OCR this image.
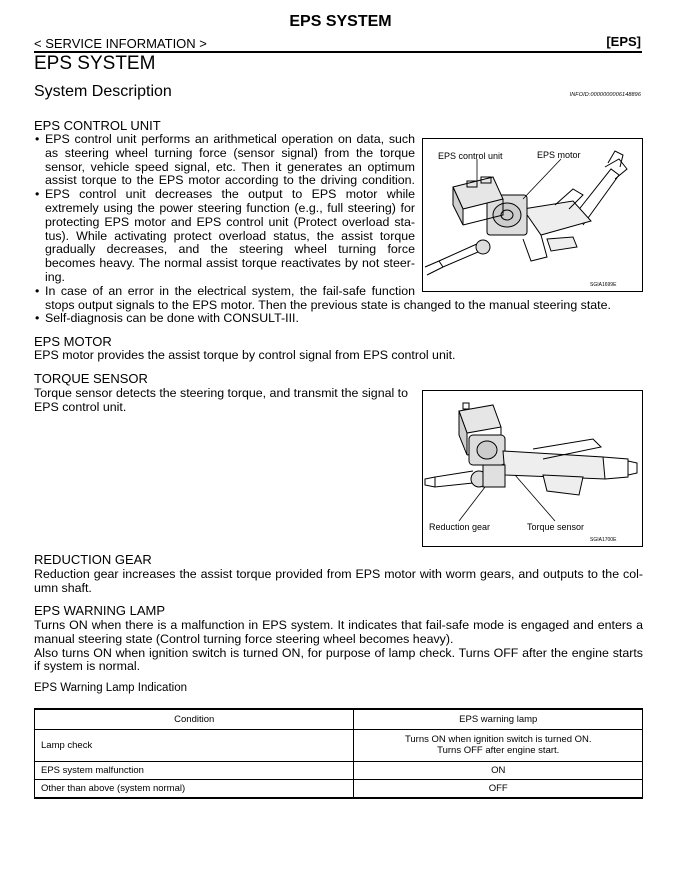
EPS SYSTEM
< SERVICE INFORMATION >	[EPS]
EPS SYSTEM
System Description	INFOID:0000000006148896
EPS CONTROL UNIT
• EPS control unit performs an arithmetical operation on data, such
as steering wheel turning force (sensor signal) from the torque
sensor, vehicle speed signal, etc. Then it generates an optimum
assist torque to the EPS motor according to the driving condition.
• EPS control unit decreases the output to EPS motor while
extremely using the power steering function (e.g., full steering) for
protecting EPS motor and EPS control unit (Protect overload sta-
tus). While activating protect overload status, the assist torque
gradually decreases, and the steering wheel turning force
becomes heavy. The normal assist torque reactivates by not steer-
ing.
• In case of an error in the electrical system, the fail-safe function
stops output signals to the EPS motor. Then the previous state is changed to the manual steering state.
• Self-diagnosis can be done with CONSULT-III.
EPS control unit	EPS motor
SGIA1699E
EPS MOTOR
EPS motor provides the assist torque by control signal from EPS control unit.
TORQUE SENSOR
Torque sensor detects the steering torque, and transmit the signal to
EPS control unit.
Reduction gear	Torque sensor
SGIA1700E
REDUCTION GEAR
Reduction gear increases the assist torque provided from EPS motor with worm gears, and outputs to the col-
umn shaft.
EPS WARNING LAMP
Turns ON when there is a malfunction in EPS system. It indicates that fail-safe mode is engaged and enters a
manual steering state (Control turning force steering wheel becomes heavy).
Also turns ON when ignition switch is turned ON, for purpose of lamp check. Turns OFF after the engine starts
if system is normal.
EPS Warning Lamp Indication
Condition	EPS warning lamp
Lamp check	Turns ON when ignition switch is turned ON.
Turns OFF after engine start.

EPS system malfunction	ON
Other than above (system normal)	OFF
